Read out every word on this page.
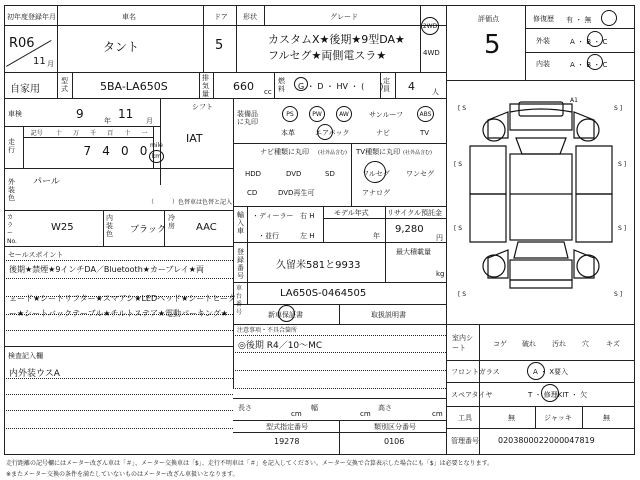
初年度登録年月
R06
11 月
車名
タント
ドア
5
形状	グレード
カスタムX★後期★9型DA★
フルセグ★両側電スラ★
2WD
4WD
自家用
型式	5BA-LA650S
排気量
660 cc
燃料 G ・ D ・ HV ・ (　　)
定員 4 人
評価点
5
修復歴 有 ・ 無
外装	A ・ B ・ C
内装	A ・ B ・ C
車検	9	年 11 月
シフト
走行
記号	十	万	千	百	十	一
7 4 0 0 mile
km
IAT
外装色
パール
（　　　）色替車は色替と記入
カラーNo.
W25
内装色 ブラック
冷房 AAC
セールスポイント
後期★禁煙★9インチDA／Bluetooth★カーブレイ★両
ェード★シートリフター★スマアシ★LEDヘッド★シートヒータ
ー★シートバックテーブル★チルトステア★電動パーキング★
検査記入欄
内外装ウスA
装備品に丸印
PS	PW	AW	サンルーフ	ABS
本革	エアバック	ナビ	TV
ナビ種類に丸印 (社外品含む)
HDD	DVD	SD
CD	DVD再生可
TV種類に丸印 (社外品含む)
フルセグ ワンセグ
アナログ
輸入車
・ディーラー
・並行
右 H
左 H
モデル年式
年
リサイクル預託金
9,280
円
登録番号
久留米581と9933
最大積載量
kg
車台番号
LA650S-0464505
新車保証書	取扱説明書
注意事項・不具合箇所
◎後期 R4／10〜MC
長さ
cm
幅
cm
高さ
cm
型式指定番号
19278
類別区分番号
0106
[ S	S ]
[ S	S ]
[ S	S ]
[ S	S ]
A1
室内シート	コゲ 破れ 汚れ 穴 キズ
フロントガラス	A ・ X要入
スペアタイヤ	T ・ 修理KIT ・ 欠
工具	無	ジャッキ	無
管理番号 0203800022000047819
走行距離の記号欄にはメーター改ざん車は「＃」、メーター交換車は「$」、走行不明車は「＃」を記入してください。メーター交換で合算表示した場合にも「$」は必要となります。
※またメーター交換の条件を満たしていないものはメーター改ざん車扱いとなります。
